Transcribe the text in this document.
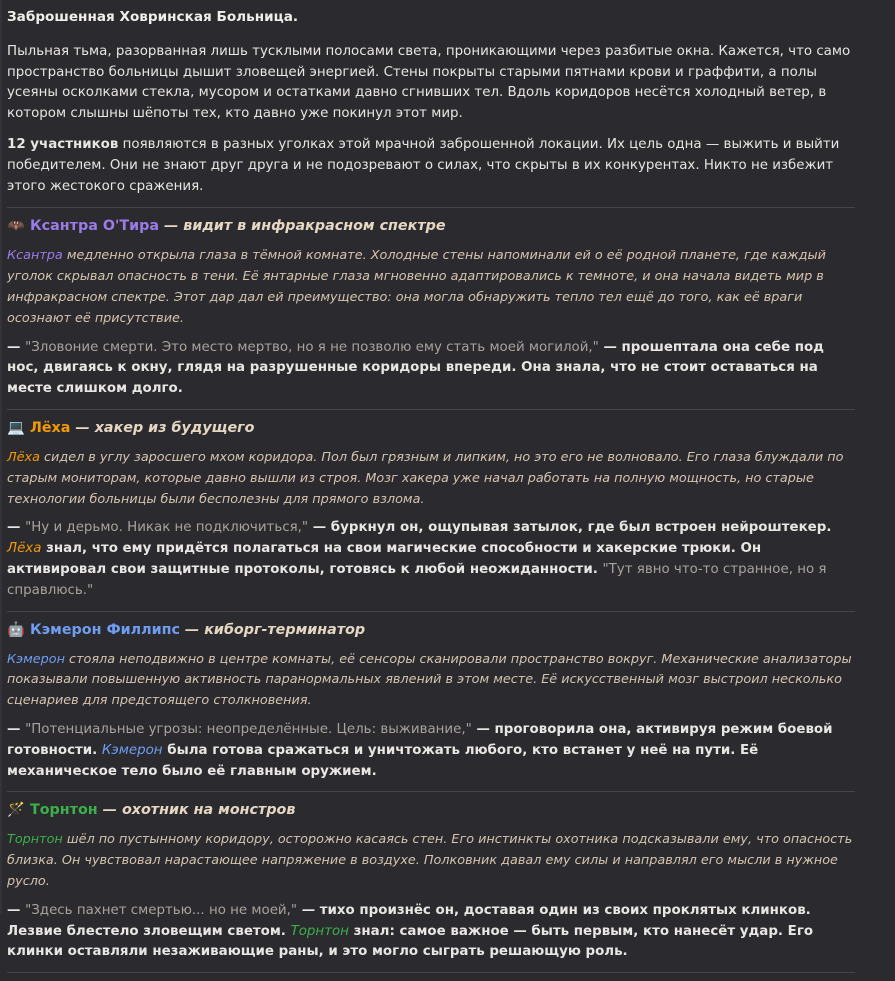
Заброшенная Ховринская Больница.

Пыльная тьма, разорванная лишь тусклыми полосами света, проникающими через разбитые окна. Кажется, что само пространство больницы дышит зловещей энергией. Стены покрыты старыми пятнами крови и граффити, а полы усеяны осколками стекла, мусором и остатками давно сгнивших тел. Вдоль коридоров несётся холодный ветер, в котором слышны шёпоты тех, кто давно уже покинул этот мир.

12 участников появляются в разных уголках этой мрачной заброшенной локации. Их цель одна — выжить и выйти победителем. Они не знают друг друга и не подозревают о силах, что скрыты в их конкурентах. Никто не избежит этого жестокого сражения.

🦇 Ксантра О'Тира — видит в инфракрасном спектре

Ксантра медленно открыла глаза в тёмной комнате. Холодные стены напоминали ей о её родной планете, где каждый уголок скрывал опасность в тени. Её янтарные глаза мгновенно адаптировались к темноте, и она начала видеть мир в инфракрасном спектре. Этот дар дал ей преимущество: она могла обнаружить тепло тел ещё до того, как её враги осознают её присутствие.

— "Зловоние смерти. Это место мертво, но я не позволю ему стать моей могилой," — прошептала она себе под нос, двигаясь к окну, глядя на разрушенные коридоры впереди. Она знала, что не стоит оставаться на месте слишком долго.

💻 Лёха — хакер из будущего

Лёха сидел в углу заросшего мхом коридора. Пол был грязным и липким, но это его не волновало. Его глаза блуждали по старым мониторам, которые давно вышли из строя. Мозг хакера уже начал работать на полную мощность, но старые технологии больницы были бесполезны для прямого взлома.

— "Ну и дерьмо. Никак не подключиться," — буркнул он, ощупывая затылок, где был встроен нейроштекер. Лёха знал, что ему придётся полагаться на свои магические способности и хакерские трюки. Он активировал свои защитные протоколы, готовясь к любой неожиданности. "Тут явно что-то странное, но я справлюсь."

🤖 Кэмерон Филлипс — киборг-терминатор

Кэмерон стояла неподвижно в центре комнаты, её сенсоры сканировали пространство вокруг. Механические анализаторы показывали повышенную активность паранормальных явлений в этом месте. Её искусственный мозг выстроил несколько сценариев для предстоящего столкновения.

— "Потенциальные угрозы: неопределённые. Цель: выживание," — проговорила она, активируя режим боевой готовности. Кэмерон была готова сражаться и уничтожать любого, кто встанет у неё на пути. Её механическое тело было её главным оружием.

🪄 Торнтон — охотник на монстров

Торнтон шёл по пустынному коридору, осторожно касаясь стен. Его инстинкты охотника подсказывали ему, что опасность близка. Он чувствовал нарастающее напряжение в воздухе. Полковник давал ему силы и направлял его мысли в нужное русло.

— "Здесь пахнет смертью... но не моей," — тихо произнёс он, доставая один из своих проклятых клинков. Лезвие блестело зловещим светом. Торнтон знал: самое важное — быть первым, кто нанесёт удар. Его клинки оставляли незаживающие раны, и это могло сыграть решающую роль.
